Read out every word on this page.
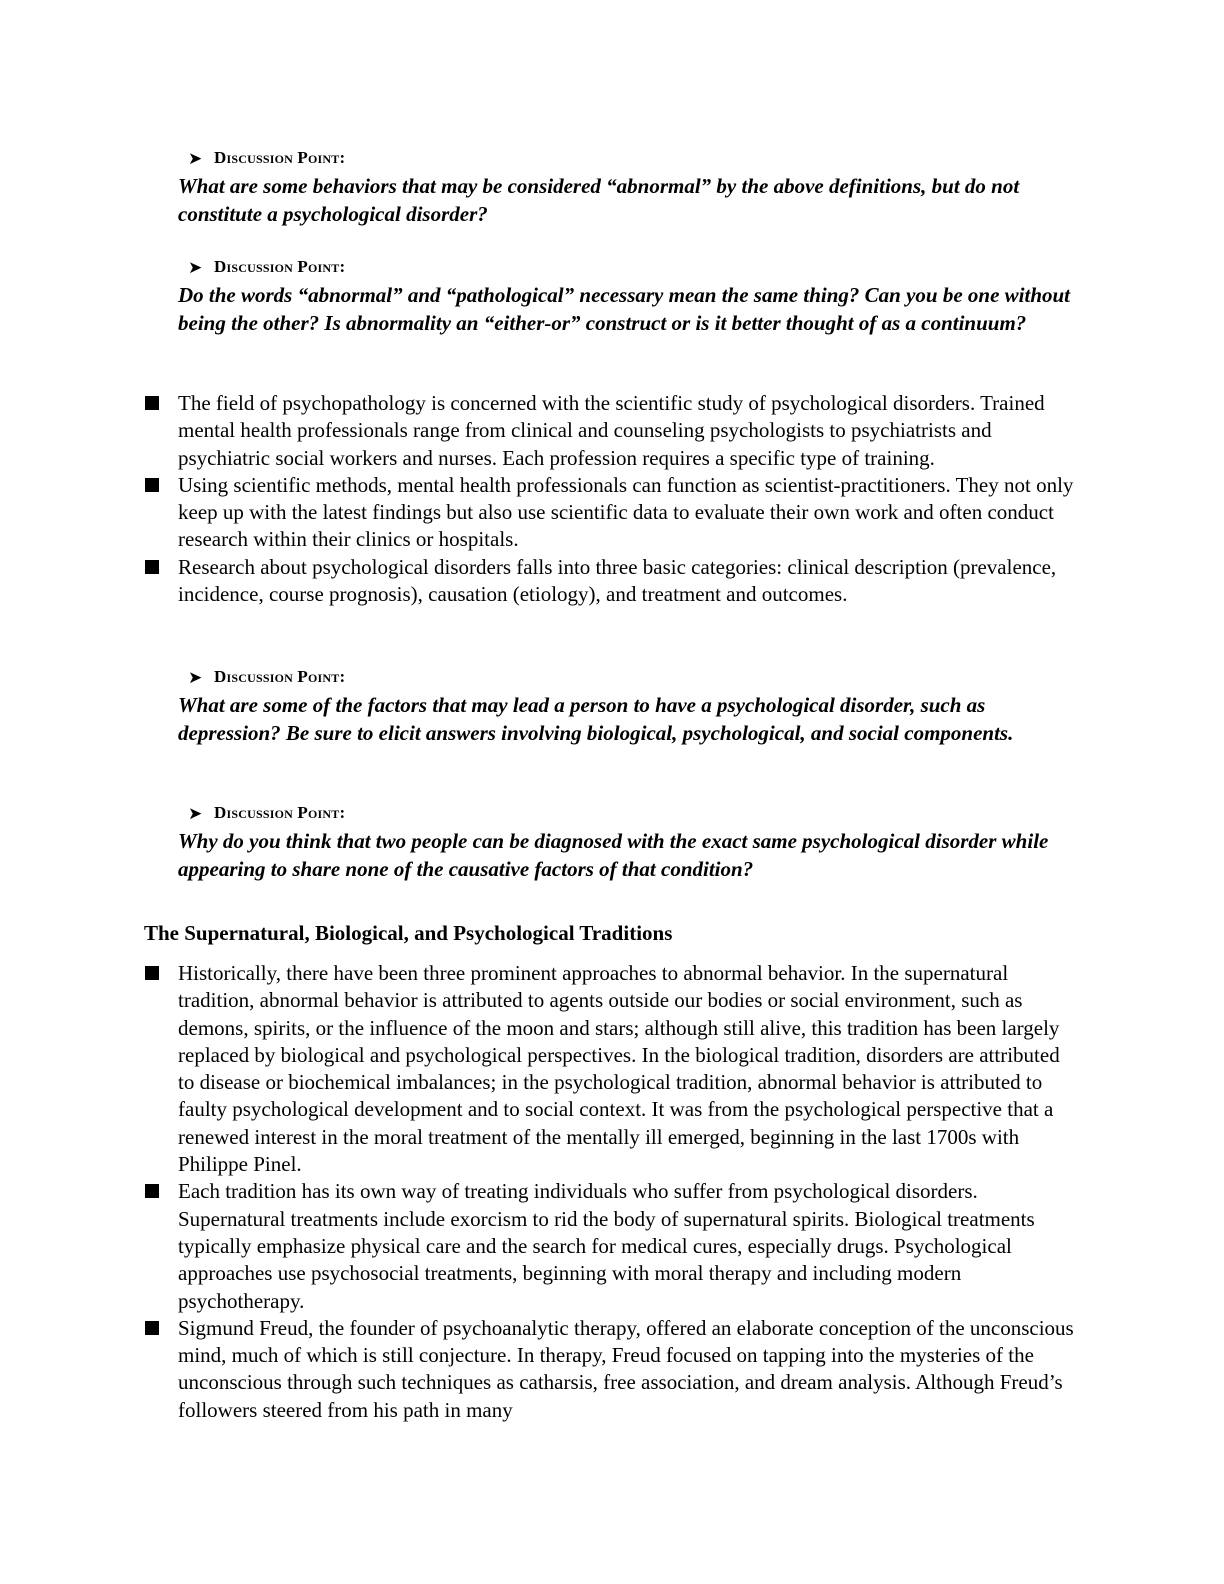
➤ Discussion Point:
What are some behaviors that may be considered “abnormal” by the above definitions, but do not constitute a psychological disorder?
➤ Discussion Point:
Do the words “abnormal” and “pathological” necessary mean the same thing? Can you be one without being the other? Is abnormality an “either-or” construct or is it better thought of as a continuum?
The field of psychopathology is concerned with the scientific study of psychological disorders. Trained mental health professionals range from clinical and counseling psychologists to psychiatrists and psychiatric social workers and nurses. Each profession requires a specific type of training.
Using scientific methods, mental health professionals can function as scientist-practitioners. They not only keep up with the latest findings but also use scientific data to evaluate their own work and often conduct research within their clinics or hospitals.
Research about psychological disorders falls into three basic categories: clinical description (prevalence, incidence, course prognosis), causation (etiology), and treatment and outcomes.
➤ Discussion Point:
What are some of the factors that may lead a person to have a psychological disorder, such as depression? Be sure to elicit answers involving biological, psychological, and social components.
➤ Discussion Point:
Why do you think that two people can be diagnosed with the exact same psychological disorder while appearing to share none of the causative factors of that condition?
The Supernatural, Biological, and Psychological Traditions
Historically, there have been three prominent approaches to abnormal behavior. In the supernatural tradition, abnormal behavior is attributed to agents outside our bodies or social environment, such as demons, spirits, or the influence of the moon and stars; although still alive, this tradition has been largely replaced by biological and psychological perspectives. In the biological tradition, disorders are attributed to disease or biochemical imbalances; in the psychological tradition, abnormal behavior is attributed to faulty psychological development and to social context. It was from the psychological perspective that a renewed interest in the moral treatment of the mentally ill emerged, beginning in the last 1700s with Philippe Pinel.
Each tradition has its own way of treating individuals who suffer from psychological disorders. Supernatural treatments include exorcism to rid the body of supernatural spirits. Biological treatments typically emphasize physical care and the search for medical cures, especially drugs. Psychological approaches use psychosocial treatments, beginning with moral therapy and including modern psychotherapy.
Sigmund Freud, the founder of psychoanalytic therapy, offered an elaborate conception of the unconscious mind, much of which is still conjecture. In therapy, Freud focused on tapping into the mysteries of the unconscious through such techniques as catharsis, free association, and dream analysis. Although Freud’s followers steered from his path in many
